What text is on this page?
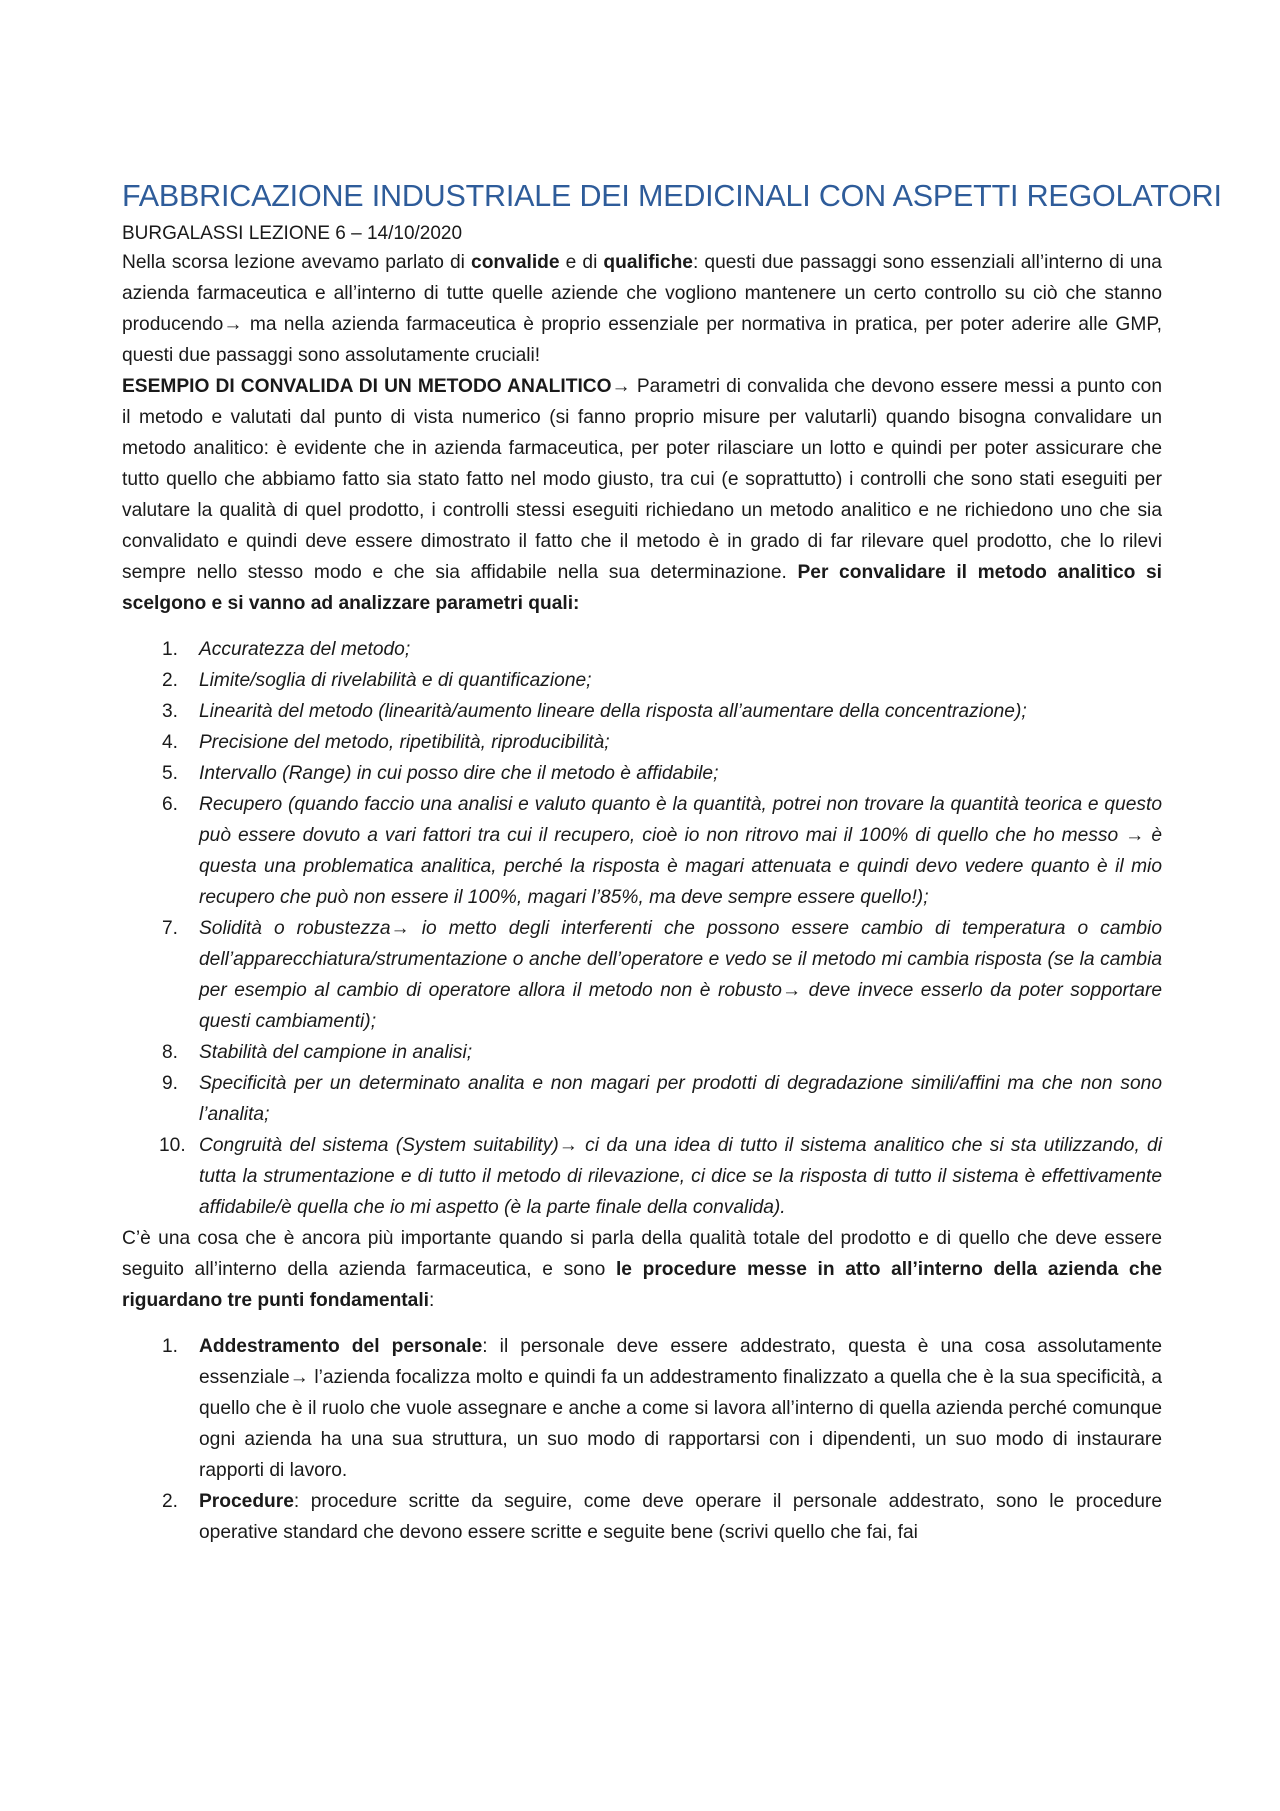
FABBRICAZIONE INDUSTRIALE DEI MEDICINALI CON ASPETTI REGOLATORI
BURGALASSI LEZIONE 6 – 14/10/2020

Nella scorsa lezione avevamo parlato di convalide e di qualifiche: questi due passaggi sono essenziali all’interno di una azienda farmaceutica e all’interno di tutte quelle aziende che vogliono mantenere un certo controllo su ciò che stanno producendo→ ma nella azienda farmaceutica è proprio essenziale per normativa in pratica, per poter aderire alle GMP, questi due passaggi sono assolutamente cruciali!

ESEMPIO DI CONVALIDA DI UN METODO ANALITICO→ Parametri di convalida che devono essere messi a punto con il metodo e valutati dal punto di vista numerico (si fanno proprio misure per valutarli) quando bisogna convalidare un metodo analitico: è evidente che in azienda farmaceutica, per poter rilasciare un lotto e quindi per poter assicurare che tutto quello che abbiamo fatto sia stato fatto nel modo giusto, tra cui (e soprattutto) i controlli che sono stati eseguiti per valutare la qualità di quel prodotto, i controlli stessi eseguiti richiedano un metodo analitico e ne richiedono uno che sia convalidato e quindi deve essere dimostrato il fatto che il metodo è in grado di far rilevare quel prodotto, che lo rilevi sempre nello stesso modo e che sia affidabile nella sua determinazione. Per convalidare il metodo analitico si scelgono e si vanno ad analizzare parametri quali:

1.	Accuratezza del metodo;
2.	Limite/soglia di rivelabilità e di quantificazione;
3.	Linearità del metodo (linearità/aumento lineare della risposta all’aumentare della concentrazione);
4.	Precisione del metodo, ripetibilità, riproducibilità;
5.	Intervallo (Range) in cui posso dire che il metodo è affidabile;
6.	Recupero (quando faccio una analisi e valuto quanto è la quantità, potrei non trovare la quantità teorica e questo può essere dovuto a vari fattori tra cui il recupero, cioè io non ritrovo mai il 100% di quello che ho messo → è questa una problematica analitica, perché la risposta è magari attenuata e quindi devo vedere quanto è il mio recupero che può non essere il 100%, magari l’85%, ma deve sempre essere quello!);
7.	Solidità o robustezza→ io metto degli interferenti che possono essere cambio di temperatura o cambio dell’apparecchiatura/strumentazione o anche dell’operatore e vedo se il metodo mi cambia risposta (se la cambia per esempio al cambio di operatore allora il metodo non è robusto→ deve invece esserlo da poter sopportare questi cambiamenti);
8.	Stabilità del campione in analisi;
9.	Specificità per un determinato analita e non magari per prodotti di degradazione simili/affini ma che non sono l’analita;
10. Congruità del sistema (System suitability)→ ci da una idea di tutto il sistema analitico che si sta utilizzando, di tutta la strumentazione e di tutto il metodo di rilevazione, ci dice se la risposta di tutto il sistema è effettivamente affidabile/è quella che io mi aspetto (è la parte finale della convalida).

C’è una cosa che è ancora più importante quando si parla della qualità totale del prodotto e di quello che deve essere seguito all’interno della azienda farmaceutica, e sono le procedure messe in atto all’interno della azienda che riguardano tre punti fondamentali:

1.	Addestramento del personale: il personale deve essere addestrato, questa è una cosa assolutamente essenziale→ l’azienda focalizza molto e quindi fa un addestramento finalizzato a quella che è la sua specificità, a quello che è il ruolo che vuole assegnare e anche a come si lavora all’interno di quella azienda perché comunque ogni azienda ha una sua struttura, un suo modo di rapportarsi con i dipendenti, un suo modo di instaurare rapporti di lavoro.
2.	Procedure: procedure scritte da seguire, come deve operare il personale addestrato, sono le procedure operative standard che devono essere scritte e seguite bene (scrivi quello che fai, fai
